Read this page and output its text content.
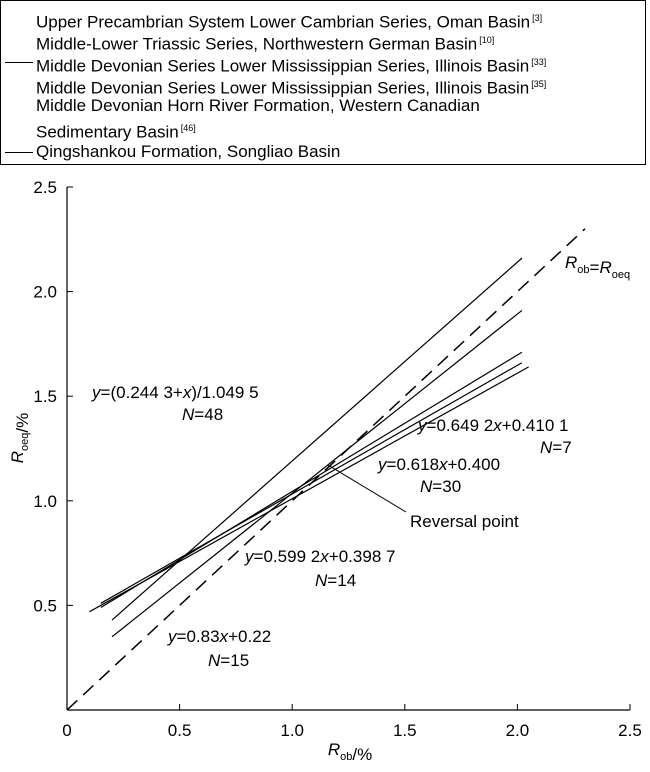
Upper Precambrian System Lower Cambrian Series, Oman Basin [3]
Middle-Lower Triassic Series, Northwestern German Basin [10]
Middle Devonian Series Lower Mississippian Series, Illinois Basin [33]
Middle Devonian Series Lower Mississippian Series, Illinois Basin [35]
Middle Devonian Horn River Formation, Western Canadian
Sedimentary Basin [46]
Qingshankou Formation, Songliao Basin
0	0.5	1.0	1.5	2.0	2.5
0.5
1.0
1.5
2.0
2.5
$R_{ob}/\%$
$R_{oeq}/\%$
$R_{ob}=R_{oeq}$
y=(0.244 3+x)/1.049 5
N=48
y=0.83x+0.22
N=15
y=0.599 2x+0.398 7
N=14
y=0.618x+0.400
N=30
y=0.649 2x+0.410 1
N=7
Reversal point
